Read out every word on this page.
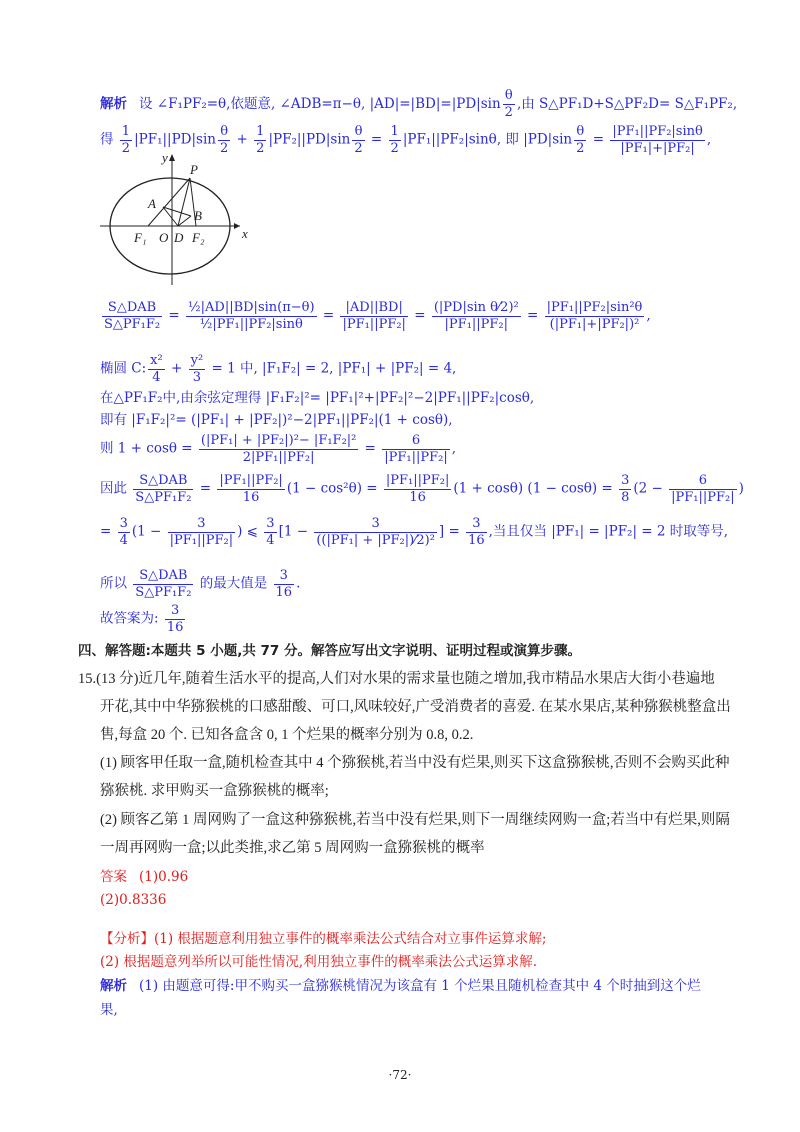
解析 设 ∠F₁PF₂=θ,依题意, ∠ADB=π−θ, $|AD|=|BD|=|PD|\sin \frac{\theta}{2}$ ,由 S△PF₁D+S△PF₂D= S△F₁PF₂,
得 $\frac{1}{2} |PF_1||PD|\sin \frac{\theta}{2} + \frac{1}{2} |PF_2||PD|\sin \frac{\theta}{2} = \frac{1}{2} |PF_1||PF_2|\sin\theta$, 即 $|PD|\sin \frac{\theta}{2} = \frac{\text{|PF₁||PF₂|sinθ}}{\text{|PF₁|+|PF₂|}}$ ,
y
x
P
A
B
F₁ O D F₂
$\frac{\text{S△DAB}}{\text{S△PF₁F₂}} = \frac{\text{½|AD||BD|sin(π−θ)}}{\text{½|PF₁||PF₂|sinθ}} = \frac{|AD||BD|}{\text{|PF₁||PF₂|}} = \frac{\text{(|PD|sin θ⁄2)²}}{\text{|PF₁||PF₂|}} = \frac{\text{|PF₁||PF₂|sin²θ}}{\text{(|PF₁|+|PF₂|)²}}$ ,
椭圆 C: $\frac{\text{x²}}{4} + \frac{\text{y²}}{3} = 1$ 中, |F₁F₂| = 2, |PF₁| + |PF₂| = 4,
在△PF₁F₂中,由余弦定理得 |F₁F₂|²= |PF₁|²+|PF₂|²−2|PF₁||PF₂|cosθ,
即有 |F₁F₂|²= (|PF₁| + |PF₂|)²−2|PF₁||PF₂|(1 + cosθ),
则 $1 + \cos\theta = \frac{\text{(|PF₁| + |PF₂|)²− |F₁F₂|²}}{\text{2|PF₁||PF₂|}} = \frac{6}{\text{|PF₁||PF₂|}}$ ,
因此 $\frac{\text{S△DAB}}{\text{S△PF₁F₂}} = \frac{\text{|PF₁||PF₂|}}{16} (1 - \cos^2\theta) = \frac{\text{|PF₁||PF₂|}}{16} (1 + \cos\theta) (1 - \cos\theta) = \frac{3}{8} (2 - \frac{6}{\text{|PF₁||PF₂|}}$ )
= $\frac{3}{4} (1 - \frac{3}{\text{|PF₁||PF₂|}}$ ) ⩽ $\frac{3}{4} [1 - \frac{3}{\text{((|PF₁| + |PF₂|)⁄2)²}}$ ] = $\frac{3}{16}$ ,当且仅当 |PF₁| = |PF₂| = 2 时取等号,
所以 $\frac{\text{S△DAB}}{\text{S△PF₁F₂}}$ 的最大值是 $\frac{3}{16}$ .
故答案为: $\frac{3}{16}$
四、解答题:本题共 5 小题,共 77 分。解答应写出文字说明、证明过程或演算步骤。
15.(13 分)近几年,随着生活水平的提高,人们对水果的需求量也随之增加,我市精品水果店大街小巷遍地
开花,其中中华猕猴桃的口感甜酸、可口,风味较好,广受消费者的喜爱. 在某水果店,某种猕猴桃整盒出
售,每盒 20 个. 已知各盒含 0, 1 个烂果的概率分别为 0.8, 0.2.
(1) 顾客甲任取一盒,随机检查其中 4 个猕猴桃,若当中没有烂果,则买下这盒猕猴桃,否则不会购买此种
猕猴桃. 求甲购买一盒猕猴桃的概率;
(2) 顾客乙第 1 周网购了一盒这种猕猴桃,若当中没有烂果,则下一周继续网购一盒;若当中有烂果,则隔
一周再网购一盒;以此类推,求乙第 5 周网购一盒猕猴桃的概率
答案 (1)0.96
(2)0.8336
【分析】(1) 根据题意利用独立事件的概率乘法公式结合对立事件运算求解;
(2) 根据题意列举所以可能性情况,利用独立事件的概率乘法公式运算求解.
解析 (1) 由题意可得:甲不购买一盒猕猴桃情况为该盒有 1 个烂果且随机检查其中 4 个时抽到这个烂
果,
·72·
